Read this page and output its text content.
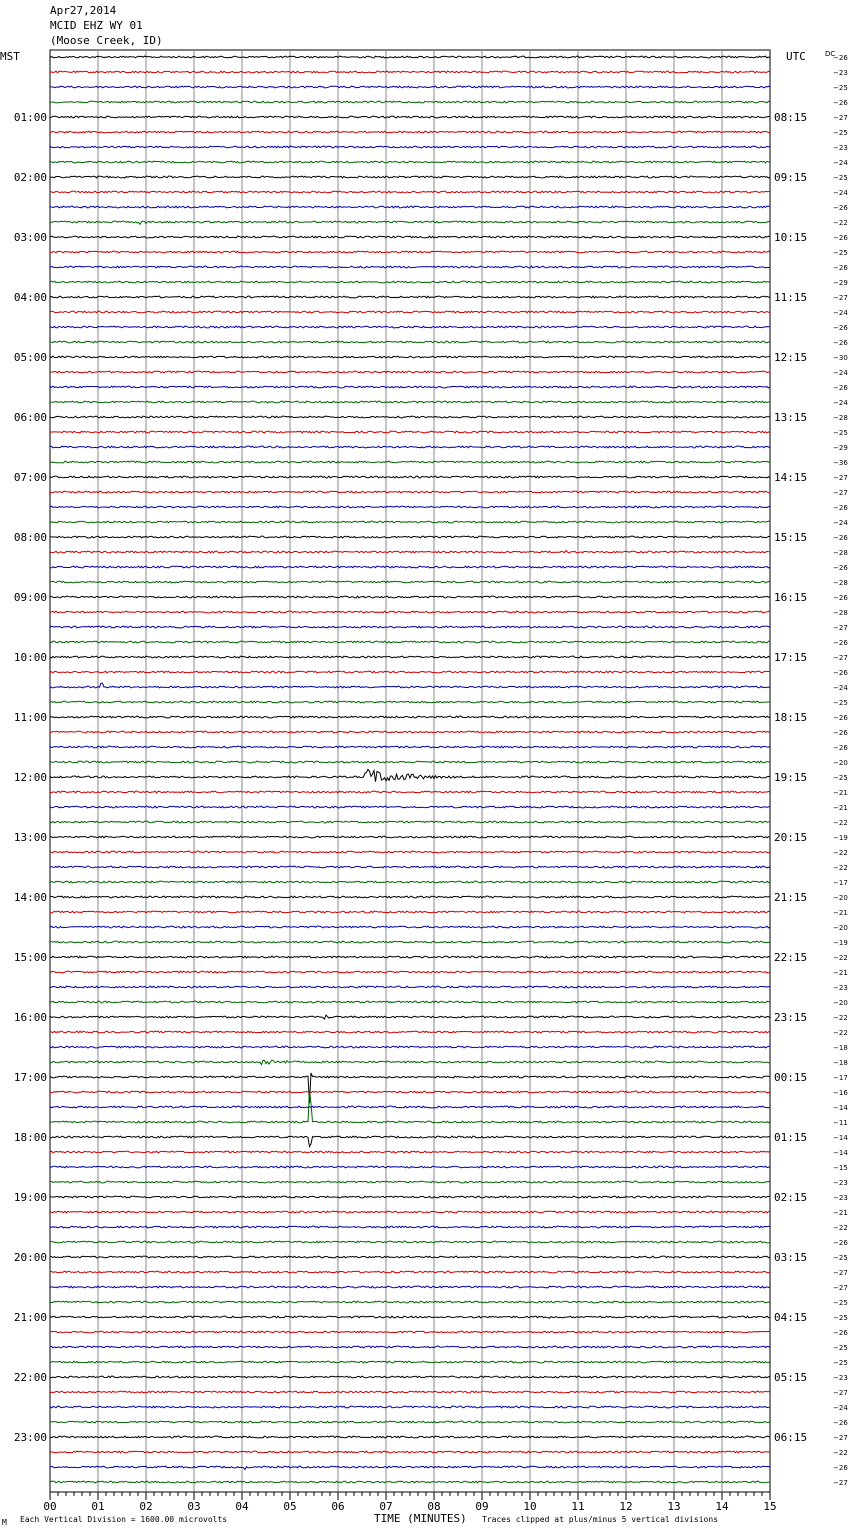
Apr27,2014
MCID EHZ WY 01
(Moose Creek, ID)
MST	UTC
00	01	02	03	04	05	06	07	08	09	10	11	12	13	14	15
−26
−23
−25
−26
−27
−25
−23
−24
−25
−24
−26
−22
−26
−25
−26
−29
−27
−24
−26
−26
−30
−24
−26
−24
−28
−25
−29
−36
−27
−27
−26
−24
−26
−28
−26
−28
−26
−28
−27
−26
−27
−26
−24
−25
−26
−26
−26
−20
−25
−21
−21
−22
−19
−22
−22
−17
−20
−21
−20
−19
−22
−21
−23
−20
−22
−22
−18
−18
−17
−16
−14
−11
−14
−14
−15
−23
−23
−21
−22
−26
−25
−27
−27
−25
−25
−26
−25
−25
−23
−27
−24
−26
−27
−22
−26
−27
01:00
02:00
03:00
04:00
05:00
06:00
07:00
08:00
09:00
10:00
11:00
12:00
13:00
14:00
15:00
16:00
17:00
18:00
19:00
20:00
21:00
22:00
23:00
08:15
09:15
10:15
11:15
12:15
13:15
14:15
15:15
16:15
17:15
18:15
19:15
20:15
21:15
22:15
23:15
00:15
01:15
02:15
03:15
04:15
05:15
06:15
DC
M Each Vertical Division = 1600.00 microvolts	TIME (MINUTES) Traces clipped at plus/minus 5 vertical divisions
